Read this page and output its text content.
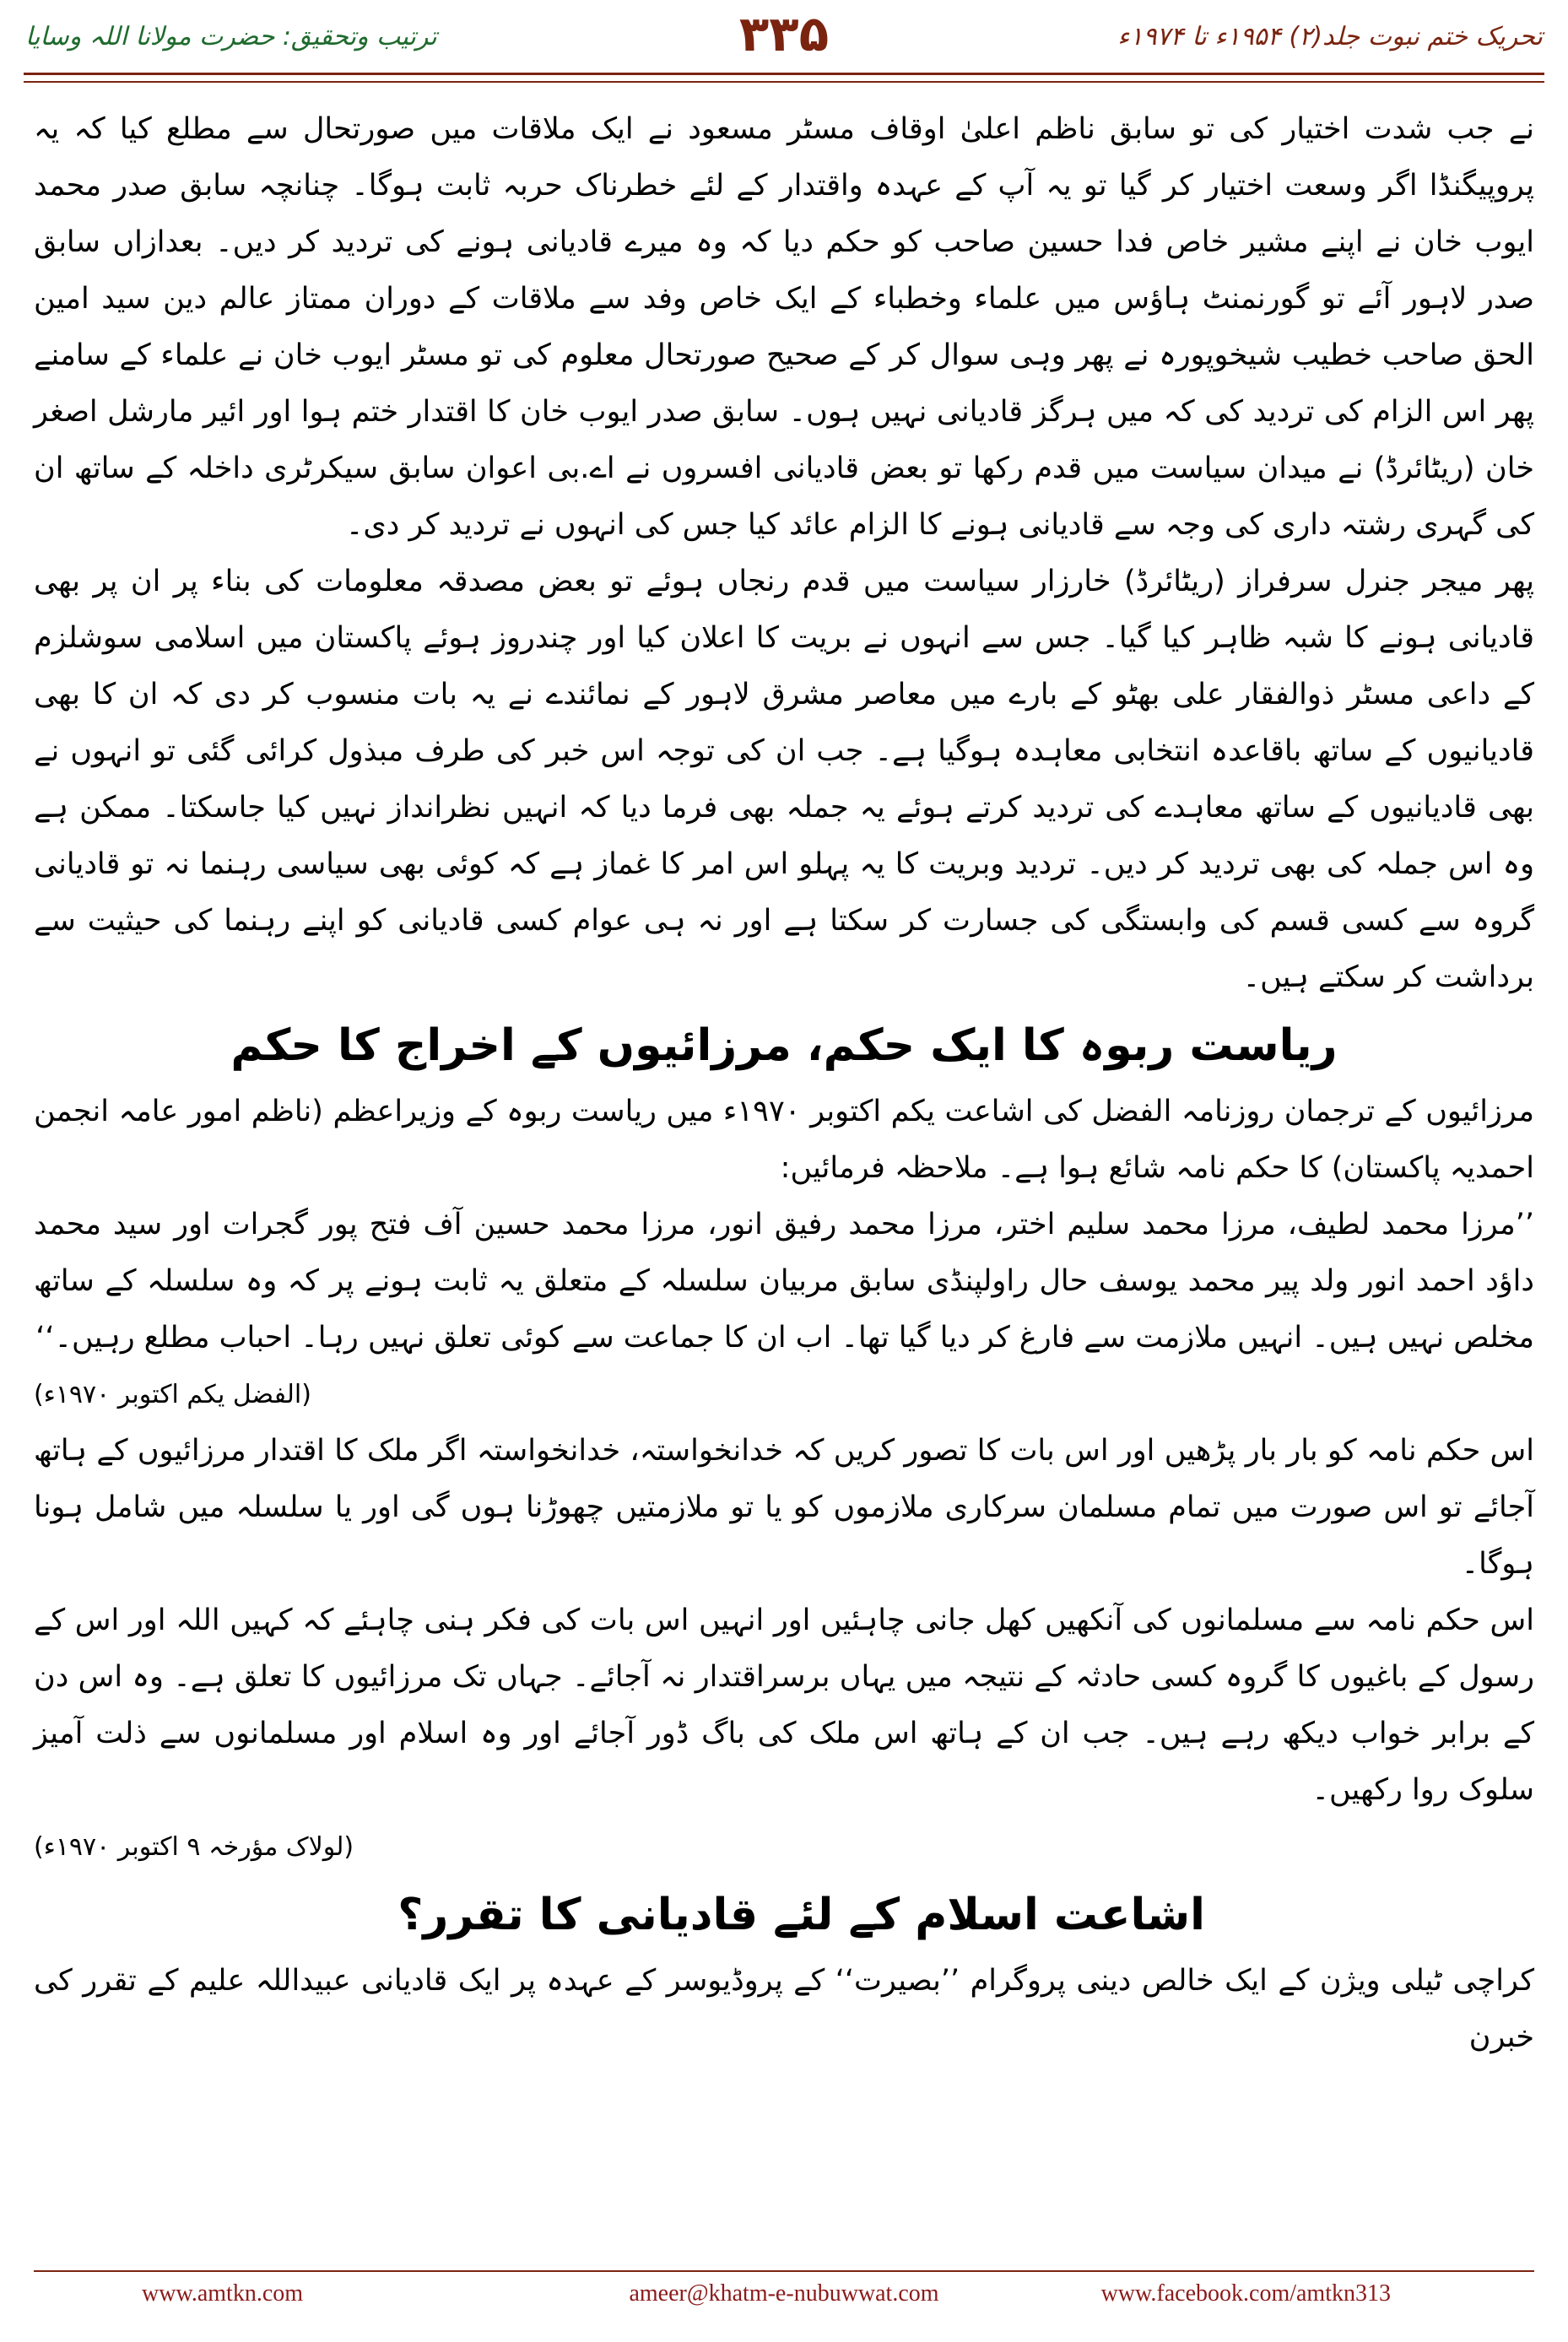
تحریک ختم نبوت جلد(۲) ۱۹۵۴ء تا ۱۹۷۴ء
۳۳۵
ترتیب وتحقیق: حضرت مولانا اللہ وسایا

نے جب شدت اختیار کی تو سابق ناظم اعلیٰ اوقاف مسٹر مسعود نے ایک ملاقات میں صورتحال سے مطلع کیا کہ یہ پروپیگنڈا اگر وسعت اختیار کر گیا تو یہ آپ کے عہدہ واقتدار کے لئے خطرناک حربہ ثابت ہوگا۔ چنانچہ سابق صدر محمد ایوب خان نے اپنے مشیر خاص فدا حسین صاحب کو حکم دیا کہ وہ میرے قادیانی ہونے کی تردید کر دیں۔ بعدازاں سابق صدر لاہور آئے تو گورنمنٹ ہاؤس میں علماء وخطباء کے ایک خاص وفد سے ملاقات کے دوران ممتاز عالم دین سید امین الحق صاحب خطیب شیخوپورہ نے پھر وہی سوال کر کے صحیح صورتحال معلوم کی تو مسٹر ایوب خان نے علماء کے سامنے پھر اس الزام کی تردید کی کہ میں ہرگز قادیانی نہیں ہوں۔ سابق صدر ایوب خان کا اقتدار ختم ہوا اور ائیر مارشل اصغر خان (ریٹائرڈ) نے میدان سیاست میں قدم رکھا تو بعض قادیانی افسروں نے اے.بی اعوان سابق سیکرٹری داخلہ کے ساتھ ان کی گہری رشتہ داری کی وجہ سے قادیانی ہونے کا الزام عائد کیا جس کی انہوں نے تردید کر دی۔

پھر میجر جنرل سرفراز (ریٹائرڈ) خارزار سیاست میں قدم رنجاں ہوئے تو بعض مصدقہ معلومات کی بناء پر ان پر بھی قادیانی ہونے کا شبہ ظاہر کیا گیا۔ جس سے انہوں نے بریت کا اعلان کیا اور چندروز ہوئے پاکستان میں اسلامی سوشلزم کے داعی مسٹر ذوالفقار علی بھٹو کے بارے میں معاصر مشرق لاہور کے نمائندے نے یہ بات منسوب کر دی کہ ان کا بھی قادیانیوں کے ساتھ باقاعدہ انتخابی معاہدہ ہوگیا ہے۔ جب ان کی توجہ اس خبر کی طرف مبذول کرائی گئی تو انہوں نے بھی قادیانیوں کے ساتھ معاہدے کی تردید کرتے ہوئے یہ جملہ بھی فرما دیا کہ انہیں نظرانداز نہیں کیا جاسکتا۔ ممکن ہے وہ اس جملہ کی بھی تردید کر دیں۔ تردید وبریت کا یہ پہلو اس امر کا غماز ہے کہ کوئی بھی سیاسی رہنما نہ تو قادیانی گروہ سے کسی قسم کی وابستگی کی جسارت کر سکتا ہے اور نہ ہی عوام کسی قادیانی کو اپنے رہنما کی حیثیت سے برداشت کر سکتے ہیں۔

ریاست ربوہ کا ایک حکم، مرزائیوں کے اخراج کا حکم

مرزائیوں کے ترجمان روزنامہ الفضل کی اشاعت یکم اکتوبر ۱۹۷۰ء میں ریاست ربوہ کے وزیراعظم (ناظم امور عامہ انجمن احمدیہ پاکستان) کا حکم نامہ شائع ہوا ہے۔ ملاحظہ فرمائیں:

’’مرزا محمد لطیف، مرزا محمد سلیم اختر، مرزا محمد رفیق انور، مرزا محمد حسین آف فتح پور گجرات اور سید محمد داؤد احمد انور ولد پیر محمد یوسف حال راولپنڈی سابق مربیان سلسلہ کے متعلق یہ ثابت ہونے پر کہ وہ سلسلہ کے ساتھ مخلص نہیں ہیں۔ انہیں ملازمت سے فارغ کر دیا گیا تھا۔ اب ان کا جماعت سے کوئی تعلق نہیں رہا۔ احباب مطلع رہیں۔‘‘

(الفضل یکم اکتوبر ۱۹۷۰ء)

اس حکم نامہ کو بار بار پڑھیں اور اس بات کا تصور کریں کہ خدانخواستہ، خدانخواستہ اگر ملک کا اقتدار مرزائیوں کے ہاتھ آجائے تو اس صورت میں تمام مسلمان سرکاری ملازموں کو یا تو ملازمتیں چھوڑنا ہوں گی اور یا سلسلہ میں شامل ہونا ہوگا۔

اس حکم نامہ سے مسلمانوں کی آنکھیں کھل جانی چاہئیں اور انہیں اس بات کی فکر ہنی چاہئے کہ کہیں اللہ اور اس کے رسول کے باغیوں کا گروہ کسی حادثہ کے نتیجہ میں یہاں برسراقتدار نہ آجائے۔ جہاں تک مرزائیوں کا تعلق ہے۔ وہ اس دن کے برابر خواب دیکھ رہے ہیں۔ جب ان کے ہاتھ اس ملک کی باگ ڈور آجائے اور وہ اسلام اور مسلمانوں سے ذلت آمیز سلوک روا رکھیں۔

(لولاک مؤرخہ ۹ اکتوبر ۱۹۷۰ء)
اشاعت اسلام کے لئے قادیانی کا تقرر؟

کراچی ٹیلی ویژن کے ایک خالص دینی پروگرام ’’بصیرت‘‘ کے پروڈیوسر کے عہدہ پر ایک قادیانی عبیداللہ علیم کے تقرر کی خبرن

www.amtkn.com	ameer@khatm-e-nubuwwat.com	www.facebook.com/amtkn313
